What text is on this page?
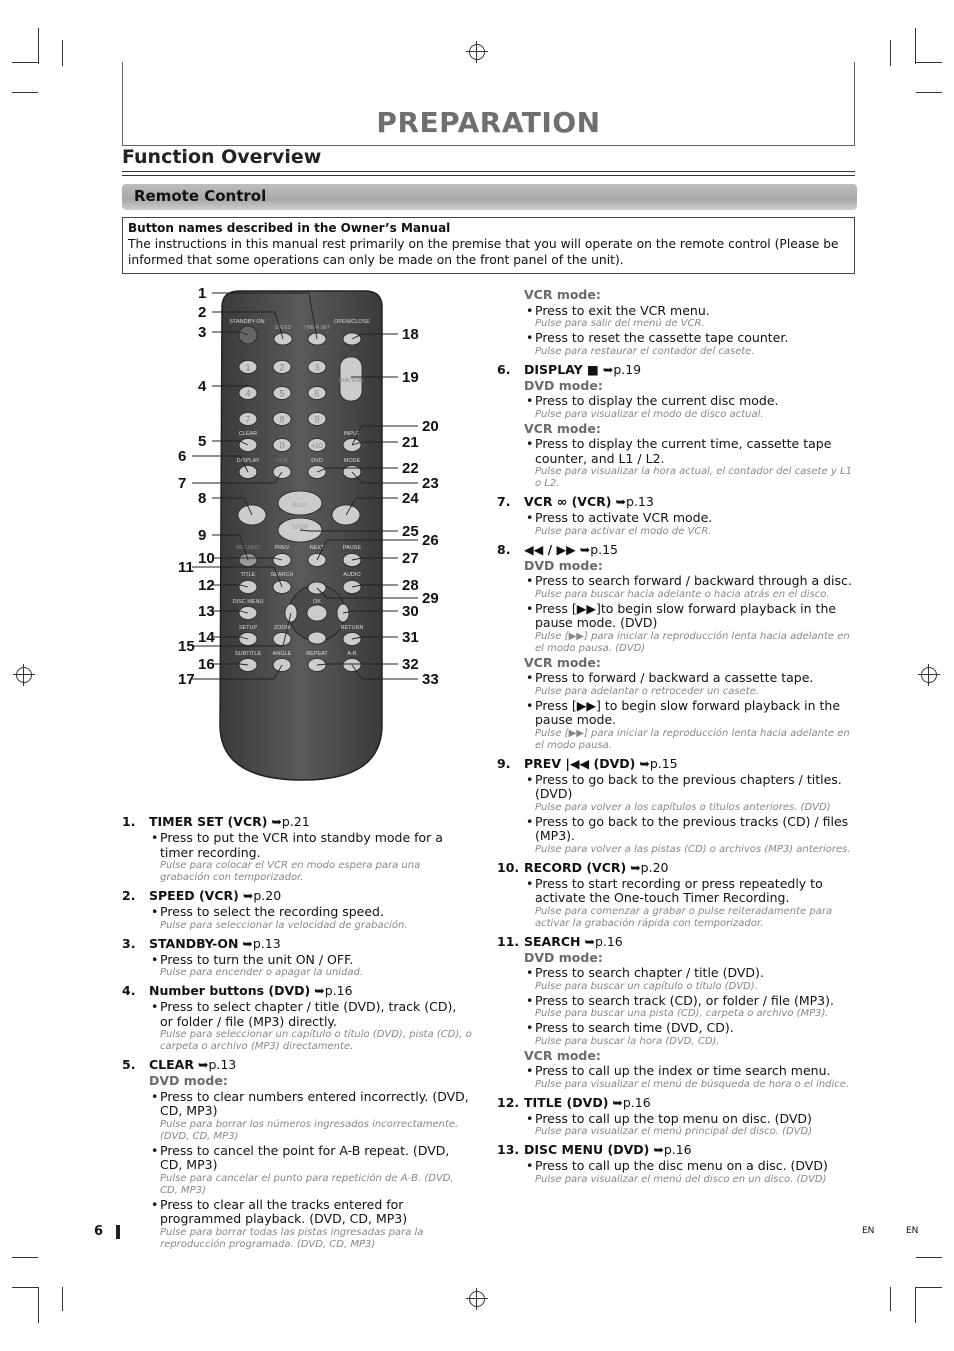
PREPARATION
Function Overview
Remote Control
Button names described in the Owner’s Manual
The instructions in this manual rest primarily on the premise that you will operate on the remote control (Please be informed that some operations can only be made on the front panel of the unit).
STANDBY-ON
SPEED TIMER SET
OPEN/CLOSE
1	2	3
4	5	6
7	8	9
TRACKING
CLEAR	INPUT
0	+10
DISPLAY	VCR	DVD	MODE
PLAY
STOP
RECORD	PREV	NEXT	PAUSE
TITLE	SEARCH	AUDIO
DISC MENU	OK
SETUP	ZOOM	RETURN
SUBTITLE ANGLE	REPEAT	A-B
1
2
3
4
5
6
7
8
9
10
11
12
13
14
15
16
17
18
19
20
21
22
23
24
25
26
27
28
29
30
31
32
33
1. TIMER SET (VCR) ➥p.21
• Press to put the VCR into standby mode for a timer recording.
Pulse para colocar el VCR en modo espera para una grabación con temporizador.
2. SPEED (VCR) ➥p.20
• Press to select the recording speed.
Pulse para seleccionar la velocidad de grabación.
3. STANDBY-ON ➥p.13
• Press to turn the unit ON / OFF.
Pulse para encender o apagar la unidad.
4. Number buttons (DVD) ➥p.16
• Press to select chapter / title (DVD), track (CD), or folder / file (MP3) directly.
Pulse para seleccionar un capítulo o título (DVD), pista (CD), o carpeta o archivo (MP3) directamente.
5. CLEAR ➥p.13
DVD mode:
• Press to clear numbers entered incorrectly. (DVD, CD, MP3)
Pulse para borrar los números ingresados incorrectamente. (DVD, CD, MP3)
• Press to cancel the point for A-B repeat. (DVD, CD, MP3)
Pulse para cancelar el punto para repetición de A-B. (DVD, CD, MP3)
• Press to clear all the tracks entered for programmed playback. (DVD, CD, MP3)
Pulse para borrar todas las pistas ingresadas para la reproducción programada. (DVD, CD, MP3)
VCR mode:
• Press to exit the VCR menu.
Pulse para salir del menú de VCR.
• Press to reset the cassette tape counter.
Pulse para restaurar el contador del casete.
6. DISPLAY ■ ➥p.19
DVD mode:
• Press to display the current disc mode.
Pulse para visualizar el modo de disco actual.
VCR mode:
• Press to display the current time, cassette tape counter, and L1 / L2.
Pulse para visualizar la hora actual, el contador del casete y L1 o L2.
7. VCR ∞ (VCR) ➥p.13
• Press to activate VCR mode.
Pulse para activar el modo de VCR.
8. ◀◀ / ▶▶ ➥p.15
DVD mode:
• Press to search forward / backward through a disc.
Pulse para buscar hacia adelante o hacia atrás en el disco.
• Press [▶▶]to begin slow forward playback in the pause mode. (DVD)
Pulse [▶▶] para iniciar la reproducción lenta hacia adelante en el modo pausa. (DVD)
VCR mode:
• Press to forward / backward a cassette tape.
Pulse para adelantar o retroceder un casete.
• Press [▶▶] to begin slow forward playback in the pause mode.
Pulse [▶▶] para iniciar la reproducción lenta hacia adelante en el modo pausa.
9. PREV |◀◀ (DVD) ➥p.15
• Press to go back to the previous chapters / titles. (DVD)
Pulse para volver a los capítulos o títulos anteriores. (DVD)
• Press to go back to the previous tracks (CD) / files (MP3).
Pulse para volver a las pistas (CD) o archivos (MP3) anteriores.
10. RECORD (VCR) ➥p.20
• Press to start recording or press repeatedly to activate the One-touch Timer Recording.
Pulse para comenzar a grabar o pulse reiteradamente para activar la grabación rápida con temporizador.
11. SEARCH ➥p.16
DVD mode:
• Press to search chapter / title (DVD).
Pulse para buscar un capítulo o título (DVD).
• Press to search track (CD), or folder / file (MP3).
Pulse para buscar una pista (CD), carpeta o archivo (MP3).
• Press to search time (DVD, CD).
Pulse para buscar la hora (DVD, CD).
VCR mode:
• Press to call up the index or time search menu.
Pulse para visualizar el menú de búsqueda de hora o el índice.
12. TITLE (DVD) ➥p.16
• Press to call up the top menu on disc. (DVD)
Pulse para visualizar el menú principal del disco. (DVD)
13. DISC MENU (DVD) ➥p.16
• Press to call up the disc menu on a disc. (DVD)
Pulse para visualizar el menú del disco en un disco. (DVD)
6	EN	EN
